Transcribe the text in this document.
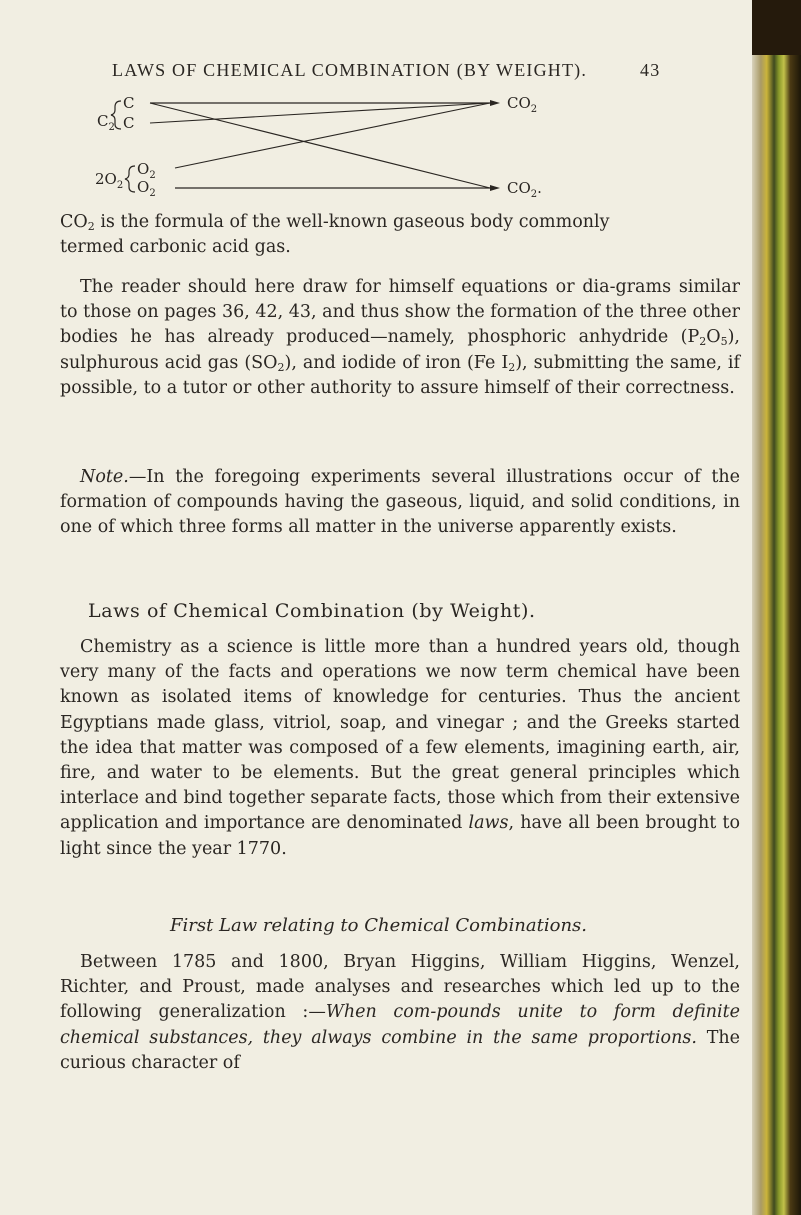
LAWS OF CHEMICAL COMBINATION (BY WEIGHT).	43
$C_2$
C
C
$2O_2$
$O_2$
$O_2$
$CO_2$
$CO_2$.
$CO_2$ is the formula of the well-known gaseous body commonly
termed carbonic acid gas.

The reader should here draw for himself equations or dia-grams similar to those on pages 36, 42, 43, and thus show the formation of the three other bodies he has already produced—namely, phosphoric anhydride $(P_2O_5)$, sulphurous acid gas $(SO_2)$, and iodide of iron (Fe $I_2$), submitting the same, if possible, to a tutor or other authority to assure himself of their correctness.

Note.—In the foregoing experiments several illustrations occur of the formation of compounds having the gaseous, liquid, and solid conditions, in one of which three forms all matter in the universe apparently exists.

Laws of Chemical Combination (by Weight).

Chemistry as a science is little more than a hundred years old, though very many of the facts and operations we now term chemical have been known as isolated items of knowledge for centuries. Thus the ancient Egyptians made glass, vitriol, soap, and vinegar ; and the Greeks started the idea that matter was composed of a few elements, imagining earth, air, fire, and water to be elements. But the great general principles which interlace and bind together separate facts, those which from their extensive application and importance are denominated laws, have all been brought to light since the year 1770.

First Law relating to Chemical Combinations.

Between 1785 and 1800, Bryan Higgins, William Higgins, Wenzel, Richter, and Proust, made analyses and researches which led up to the following generalization :—When com-pounds unite to form definite chemical substances, they always combine in the same proportions. The curious character of
